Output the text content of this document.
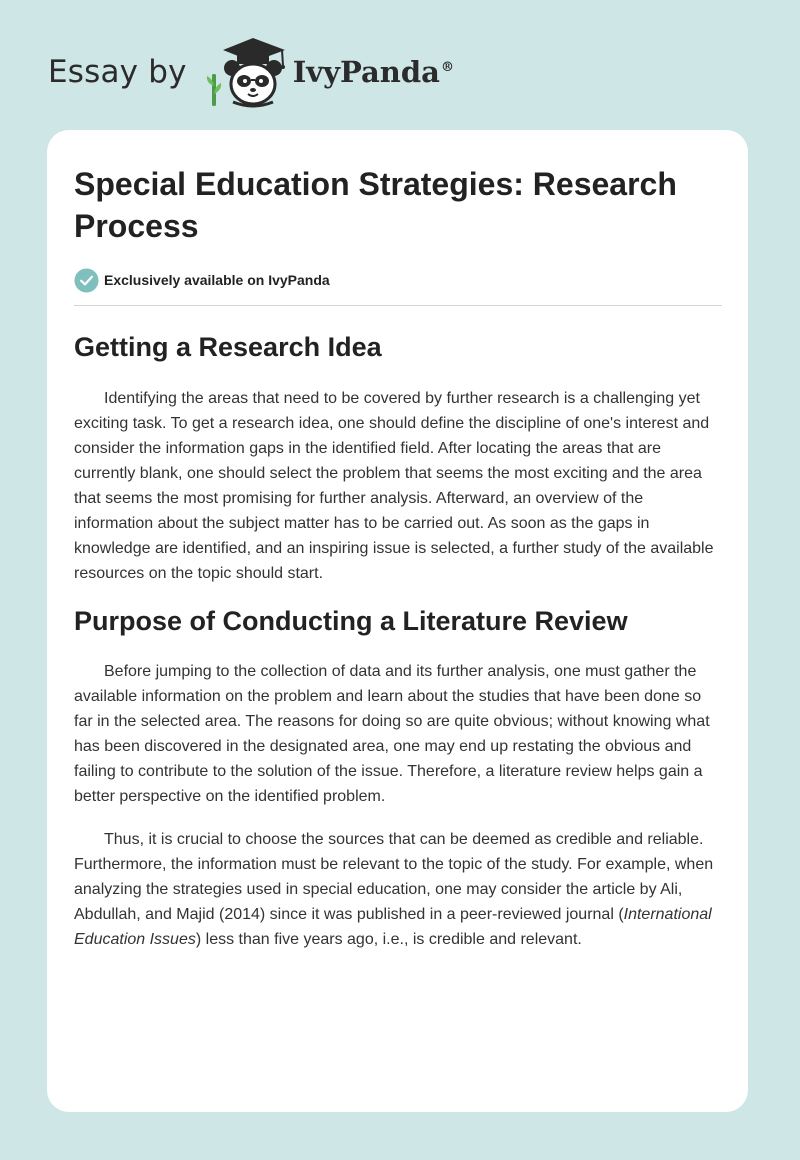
Essay by	IvyPanda®
Special Education Strategies: Research Process
Exclusively available on IvyPanda
Getting a Research Idea

Identifying the areas that need to be covered by further research is a challenging yet exciting task. To get a research idea, one should define the discipline of one's interest and consider the information gaps in the identified field. After locating the areas that are currently blank, one should select the problem that seems the most exciting and the area that seems the most promising for further analysis. Afterward, an overview of the information about the subject matter has to be carried out. As soon as the gaps in knowledge are identified, and an inspiring issue is selected, a further study of the available resources on the topic should start.

Purpose of Conducting a Literature Review

Before jumping to the collection of data and its further analysis, one must gather the available information on the problem and learn about the studies that have been done so far in the selected area. The reasons for doing so are quite obvious; without knowing what has been discovered in the designated area, one may end up restating the obvious and failing to contribute to the solution of the issue. Therefore, a literature review helps gain a better perspective on the identified problem.

Thus, it is crucial to choose the sources that can be deemed as credible and reliable. Furthermore, the information must be relevant to the topic of the study. For example, when analyzing the strategies used in special education, one may consider the article by Ali, Abdullah, and Majid (2014) since it was published in a peer-reviewed journal (International Education Issues) less than five years ago, i.e., is credible and relevant.
